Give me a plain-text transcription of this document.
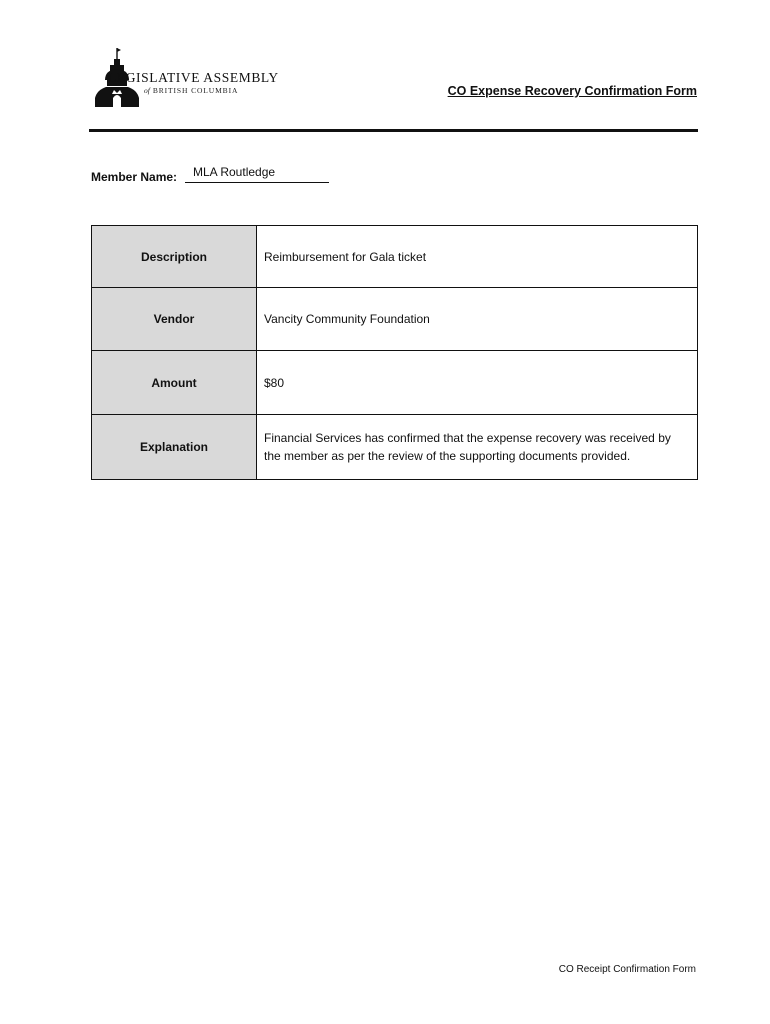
LEGISLATIVE ASSEMBLY
of BRITISH COLUMBIA	CO Expense Recovery Confirmation Form
Member Name:	MLA Routledge
Description	Reimbursement for Gala ticket
Vendor	Vancity Community Foundation
Amount	$80
Explanation	Financial Services has confirmed that the expense recovery was received by the member as per the review of the supporting documents provided.
CO Receipt Confirmation Form
